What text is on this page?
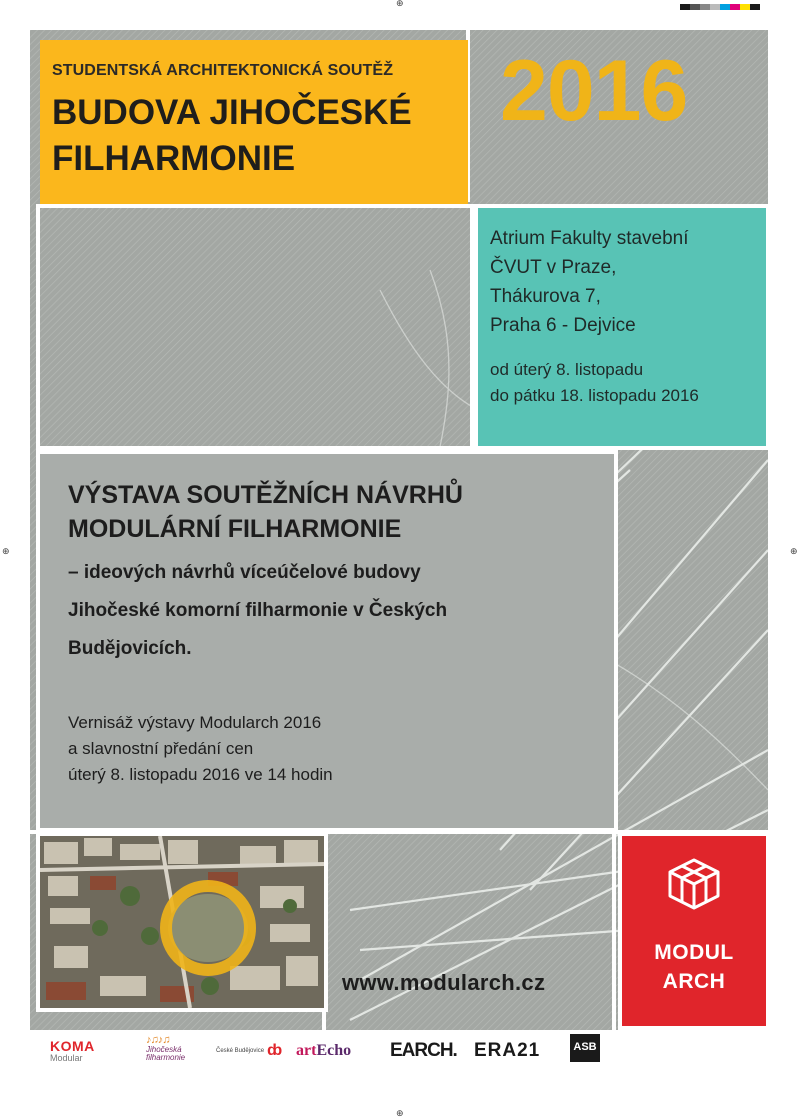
⊕
⊕	⊕
⊕
STUDENTSKÁ ARCHITEKTONICKÁ SOUTĚŽ
BUDOVA JIHOČESKÉ
FILHARMONIE
2016
Atrium Fakulty stavební
ČVUT v Praze,
Thákurova 7,
Praha 6 - Dejvice
od úterý 8. listopadu
do pátku 18. listopadu 2016
VÝSTAVA SOUTĚŽNÍCH NÁVRHŮ
MODULÁRNÍ FILHARMONIE
– ideových návrhů víceúčelové budovy
Jihočeské komorní filharmonie v Českých
Budějovicích.
Vernisáž výstavy Modularch 2016
a slavnostní předání cen
úterý 8. listopadu 2016 ve 14 hodin
www.modularch.cz
MODUL
ARCH
KOMA
Modular
♪♫♪♫
Jihočeská
filharmonie
České Budějovice ȸ artEcho EARCH. ERA21	ASB
